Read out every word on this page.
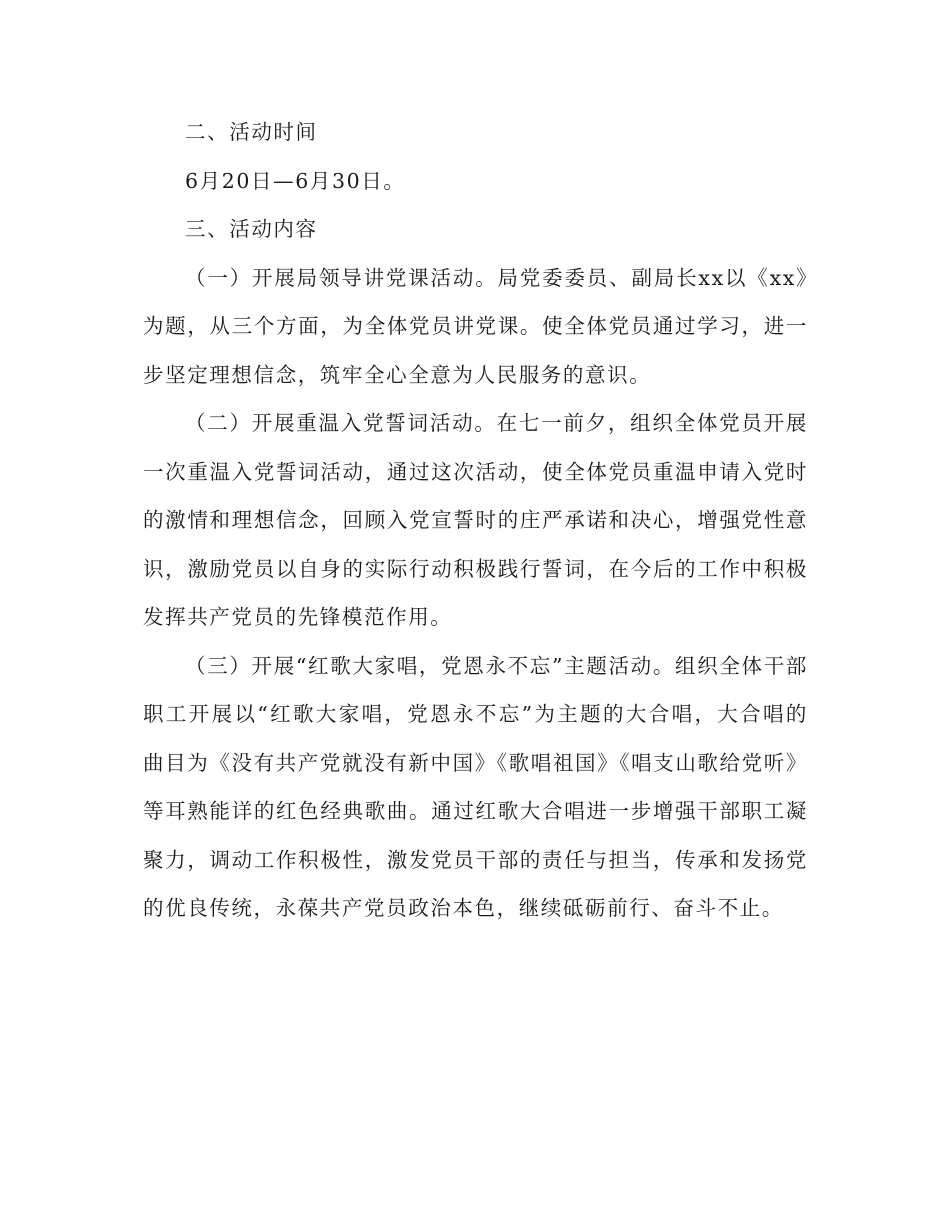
二、活动时间

6月20日—6月30日。

三、活动内容

（一）开展局领导讲党课活动。局党委委员、副局长xx以《xx》为题，从三个方面，为全体党员讲党课。使全体党员通过学习，进一步坚定理想信念，筑牢全心全意为人民服务的意识。

（二）开展重温入党誓词活动。在七一前夕，组织全体党员开展一次重温入党誓词活动，通过这次活动，使全体党员重温申请入党时的激情和理想信念，回顾入党宣誓时的庄严承诺和决心，增强党性意识，激励党员以自身的实际行动积极践行誓词，在今后的工作中积极发挥共产党员的先锋模范作用。

（三）开展“红歌大家唱，党恩永不忘”主题活动。组织全体干部职工开展以“红歌大家唱，党恩永不忘”为主题的大合唱，大合唱的曲目为《没有共产党就没有新中国》《歌唱祖国》《唱支山歌给党听》等耳熟能详的红色经典歌曲。通过红歌大合唱进一步增强干部职工凝聚力，调动工作积极性，激发党员干部的责任与担当，传承和发扬党的优良传统，永葆共产党员政治本色，继续砥砺前行、奋斗不止。
